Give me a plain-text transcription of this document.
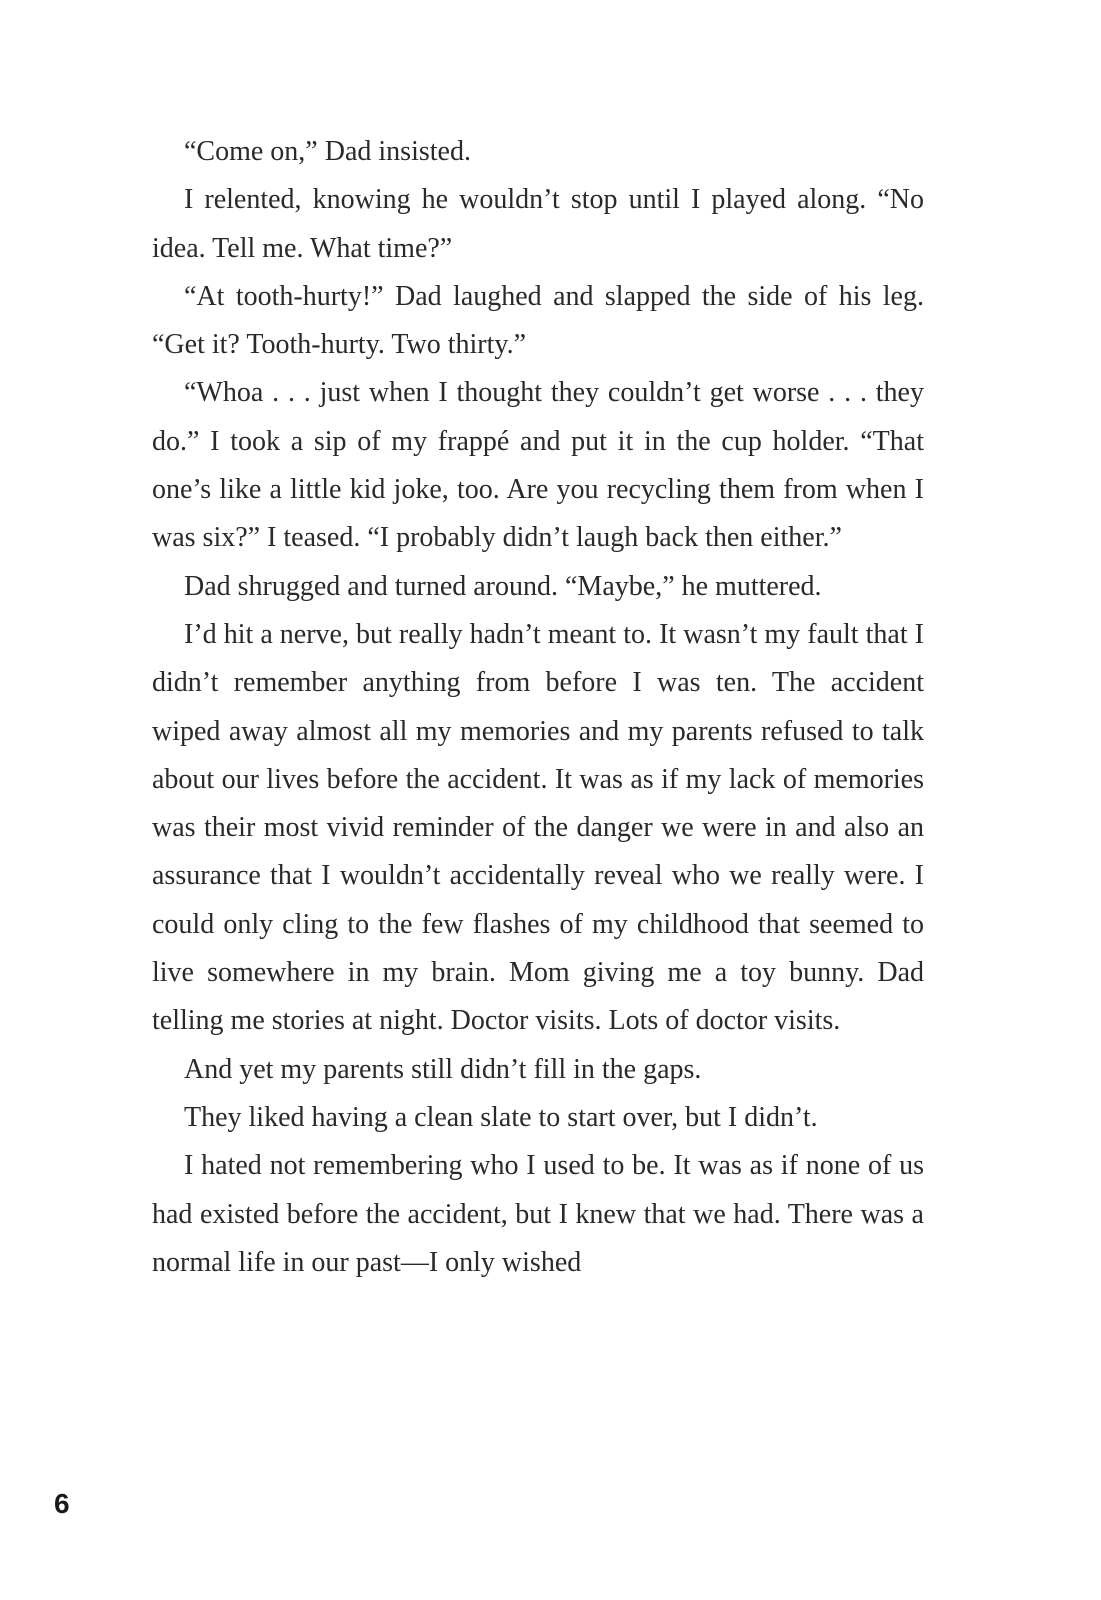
“Come on,” Dad insisted.

I relented, knowing he wouldn’t stop until I played along. “No idea. Tell me. What time?”

“At tooth-hurty!” Dad laughed and slapped the side of his leg. “Get it? Tooth-hurty. Two thirty.”

“Whoa . . . just when I thought they couldn’t get worse . . . they do.” I took a sip of my frappé and put it in the cup holder. “That one’s like a little kid joke, too. Are you recycling them from when I was six?” I teased. “I probably didn’t laugh back then either.”

Dad shrugged and turned around. “Maybe,” he muttered.

I’d hit a nerve, but really hadn’t meant to. It wasn’t my fault that I didn’t remember anything from before I was ten. The accident wiped away almost all my memories and my parents refused to talk about our lives before the accident. It was as if my lack of memories was their most vivid reminder of the danger we were in and also an assurance that I wouldn’t accidentally reveal who we really were. I could only cling to the few flashes of my childhood that seemed to live somewhere in my brain. Mom giving me a toy bunny. Dad telling me stories at night. Doctor visits. Lots of doctor visits.

And yet my parents still didn’t fill in the gaps.

They liked having a clean slate to start over, but I didn’t.

I hated not remembering who I used to be. It was as if none of us had existed before the accident, but I knew that we had. There was a normal life in our past—I only wished

6
